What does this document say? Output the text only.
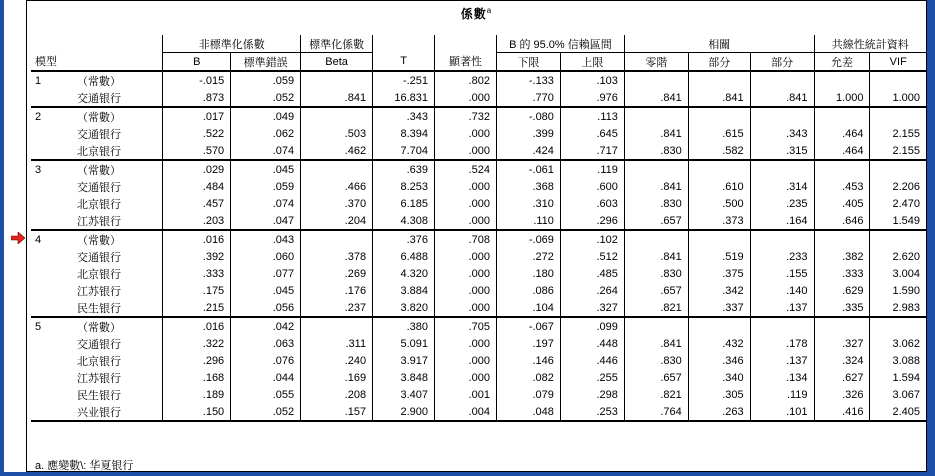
係數$^a$
		非標準化係數		標準化係數			B 的 95.0% 信賴區間		相關			共線性統計資料	
模型		B	標準錯誤	Beta	T	顯著性	下限	上限	零階	部分	部分	允差	VIF
1	（常數）	-.015	.059		-.251	.802	-.133	.103					
	交通银行	.873	.052	.841	16.831	.000	.770	.976	.841	.841	.841	1.000	1.000
2	（常數）	.017	.049		.343	.732	-.080	.113					
	交通银行	.522	.062	.503	8.394	.000	.399	.645	.841	.615	.343	.464	2.155
	北京银行	.570	.074	.462	7.704	.000	.424	.717	.830	.582	.315	.464	2.155
3	（常數）	.029	.045		.639	.524	-.061	.119					
	交通银行	.484	.059	.466	8.253	.000	.368	.600	.841	.610	.314	.453	2.206
	北京银行	.457	.074	.370	6.185	.000	.310	.603	.830	.500	.235	.405	2.470
	江苏银行	.203	.047	.204	4.308	.000	.110	.296	.657	.373	.164	.646	1.549
4	（常數）	.016	.043		.376	.708	-.069	.102					
	交通银行	.392	.060	.378	6.488	.000	.272	.512	.841	.519	.233	.382	2.620
	北京银行	.333	.077	.269	4.320	.000	.180	.485	.830	.375	.155	.333	3.004
	江苏银行	.175	.045	.176	3.884	.000	.086	.264	.657	.342	.140	.629	1.590
	民生银行	.215	.056	.237	3.820	.000	.104	.327	.821	.337	.137	.335	2.983
5	（常數）	.016	.042		.380	.705	-.067	.099					
	交通银行	.322	.063	.311	5.091	.000	.197	.448	.841	.432	.178	.327	3.062
	北京银行	.296	.076	.240	3.917	.000	.146	.446	.830	.346	.137	.324	3.088
	江苏银行	.168	.044	.169	3.848	.000	.082	.255	.657	.340	.134	.627	1.594
	民生银行	.189	.055	.208	3.407	.001	.079	.298	.821	.305	.119	.326	3.067
	兴业银行	.150	.052	.157	2.900	.004	.048	.253	.764	.263	.101	.416	2.405
a. 應變數\: 华夏银行
